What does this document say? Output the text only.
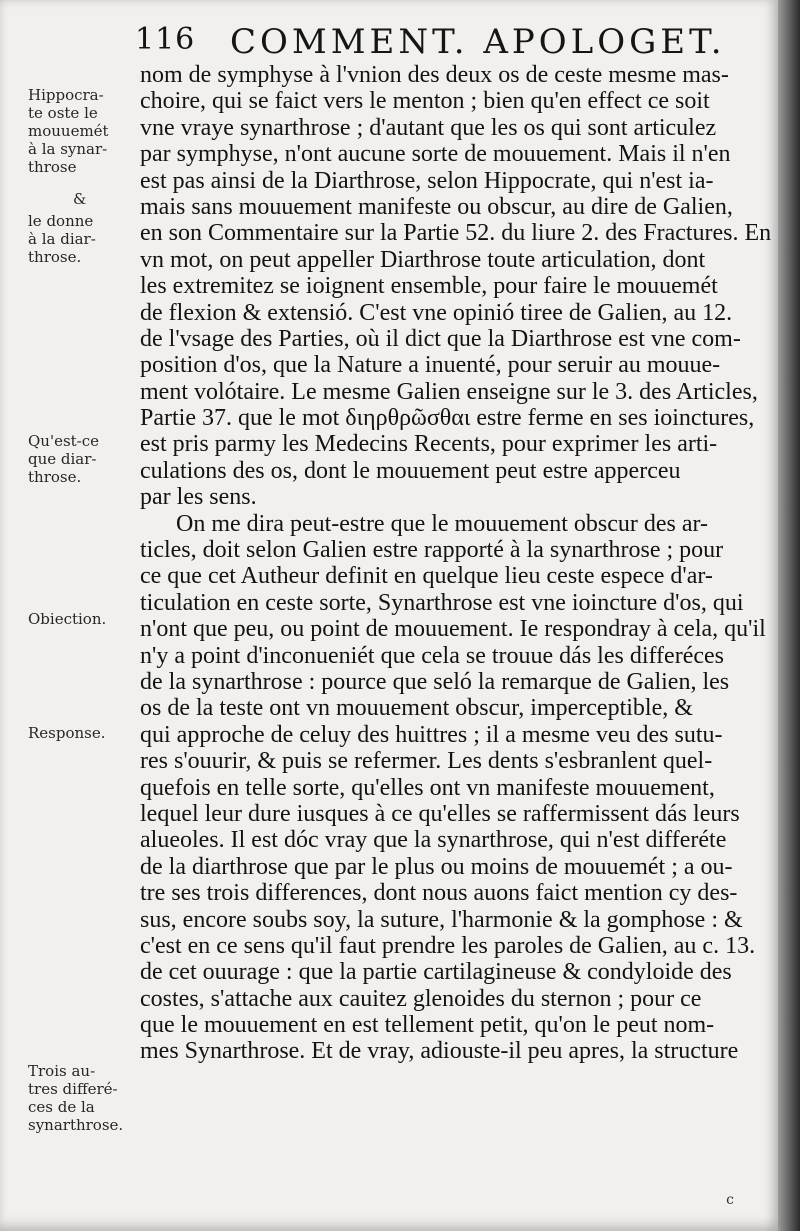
116 COMMENT. APOLOGET.
Hippocra-
te oste le
mouuemét
à la synar-
throse
&
le donne
à la diar-
throse.
Qu'est-ce
que diar-
throse.
Obiection.
Response.
Trois au-
tres differé-
ces de la
synarthrose.
nom de symphyse à l'vnion des deux os de ceste mesme mas-
choire, qui se faict vers le menton ; bien qu'en effect ce soit
vne vraye synarthrose ; d'autant que les os qui sont articulez
par symphyse, n'ont aucune sorte de mouuement. Mais il n'en
est pas ainsi de la Diarthrose, selon Hippocrate, qui n'est ia-
mais sans mouuement manifeste ou obscur, au dire de Galien,
en son Commentaire sur la Partie 52. du liure 2. des Fractures. En
vn mot, on peut appeller Diarthrose toute articulation, dont
les extremitez se ioignent ensemble, pour faire le mouuemét
de flexion & extensió. C'est vne opinió tiree de Galien, au 12.
de l'vsage des Parties, où il dict que la Diarthrose est vne com-
position d'os, que la Nature a inuenté, pour seruir au mouue-
ment volótaire. Le mesme Galien enseigne sur le 3. des Articles,
Partie 37. que le mot διηρθρῶσθαι estre ferme en ses ioinctures,
est pris parmy les Medecins Recents, pour exprimer les arti-
culations des os, dont le mouuement peut estre apperceu
par les sens.
On me dira peut-estre que le mouuement obscur des ar-
ticles, doit selon Galien estre rapporté à la synarthrose ; pour
ce que cet Autheur definit en quelque lieu ceste espece d'ar-
ticulation en ceste sorte, Synarthrose est vne ioincture d'os, qui
n'ont que peu, ou point de mouuement. Ie respondray à cela, qu'il
n'y a point d'inconueniét que cela se trouue dás les differéces
de la synarthrose : pource que seló la remarque de Galien, les
os de la teste ont vn mouuement obscur, imperceptible, &
qui approche de celuy des huittres ; il a mesme veu des sutu-
res s'ouurir, & puis se refermer. Les dents s'esbranlent quel-
quefois en telle sorte, qu'elles ont vn manifeste mouuement,
lequel leur dure iusques à ce qu'elles se raffermissent dás leurs
alueoles. Il est dóc vray que la synarthrose, qui n'est differéte
de la diarthrose que par le plus ou moins de mouuemét ; a ou-
tre ses trois differences, dont nous auons faict mention cy des-
sus, encore soubs soy, la suture, l'harmonie & la gomphose : &
c'est en ce sens qu'il faut prendre les paroles de Galien, au c. 13.
de cet ouurage : que la partie cartilagineuse & condyloide des
costes, s'attache aux cauitez glenoides du sternon ; pour ce
que le mouuement en est tellement petit, qu'on le peut nom-
mes Synarthrose. Et de vray, adiouste-il peu apres, la structure
c
